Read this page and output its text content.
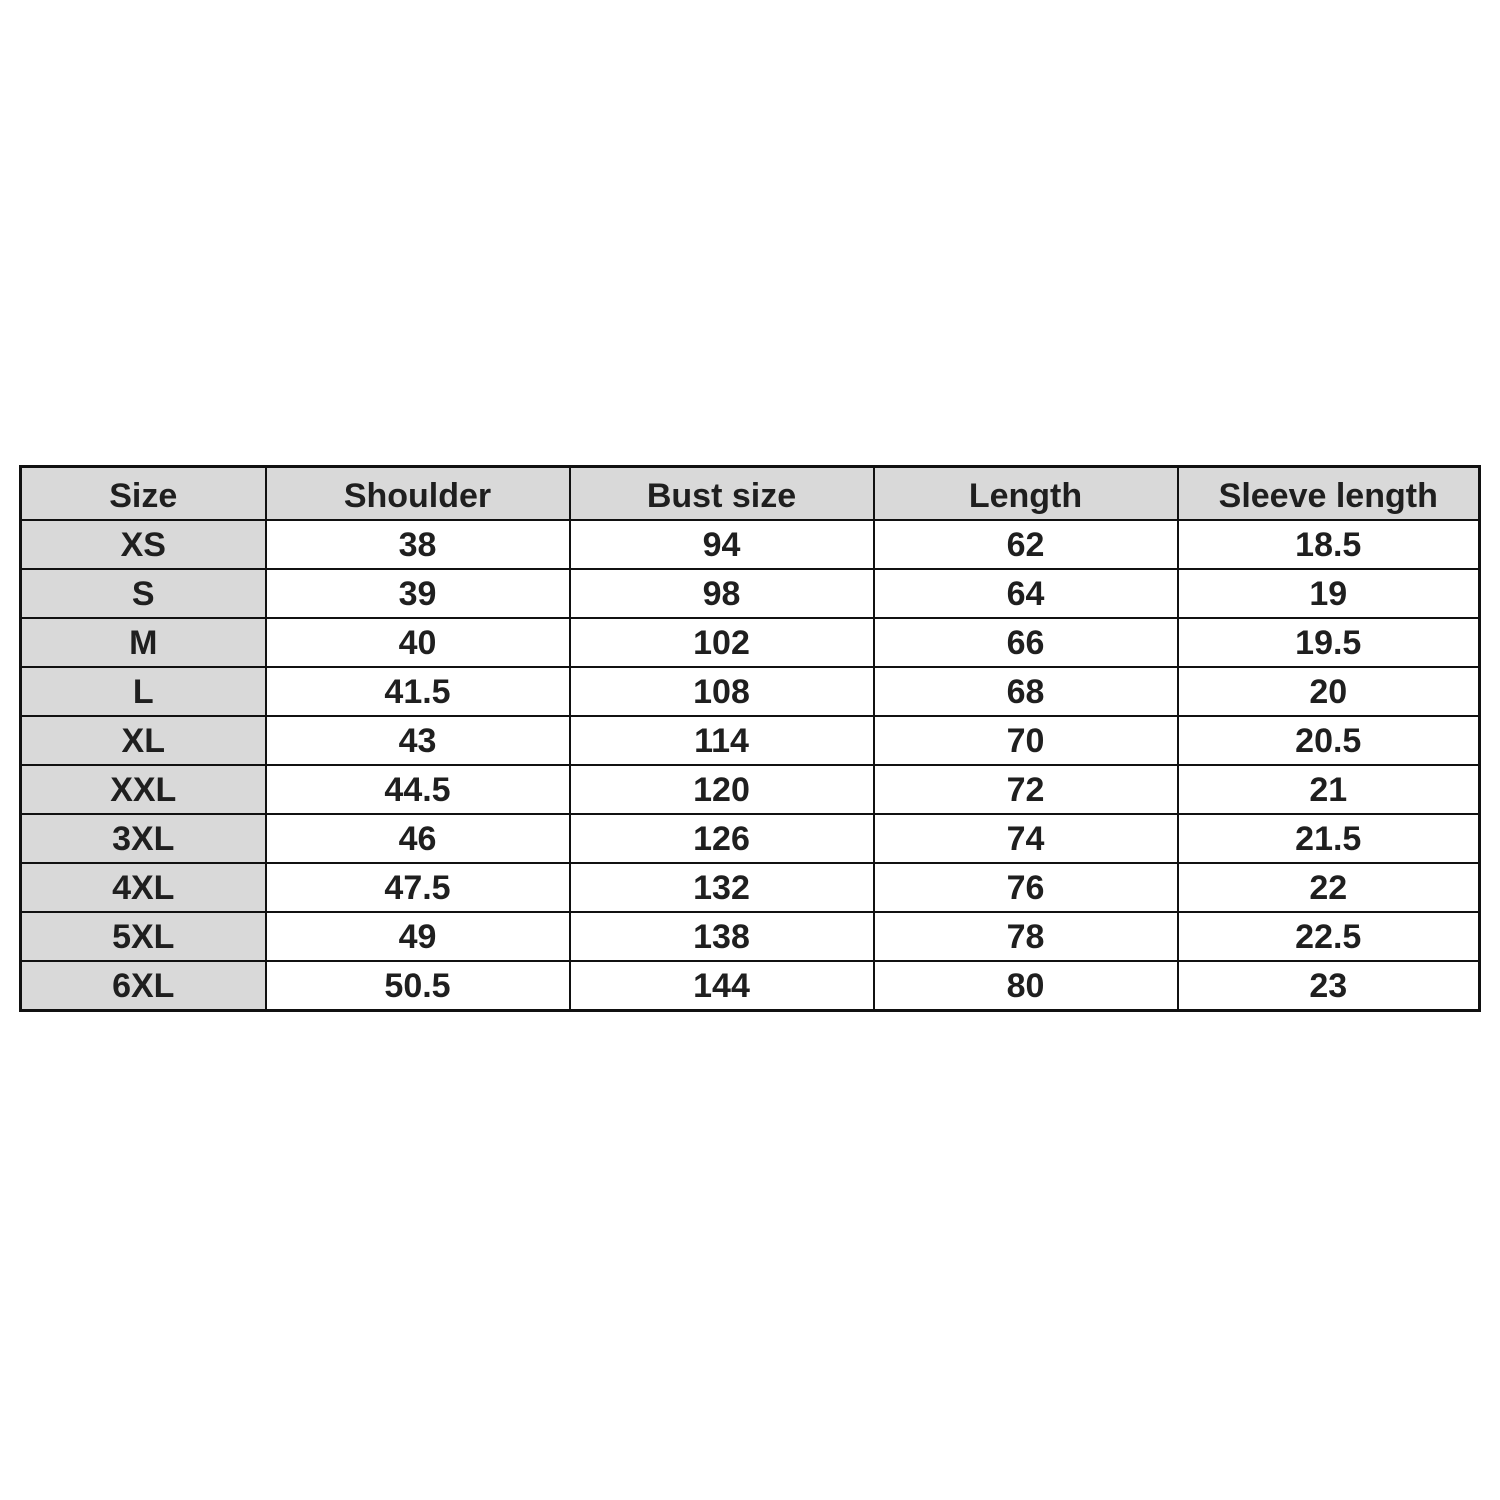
Size	Shoulder	Bust size	Length	Sleeve length
XS	38	94	62	18.5
S	39	98	64	19
M	40	102	66	19.5
L	41.5	108	68	20
XL	43	114	70	20.5
XXL	44.5	120	72	21
3XL	46	126	74	21.5
4XL	47.5	132	76	22
5XL	49	138	78	22.5
6XL	50.5	144	80	23
